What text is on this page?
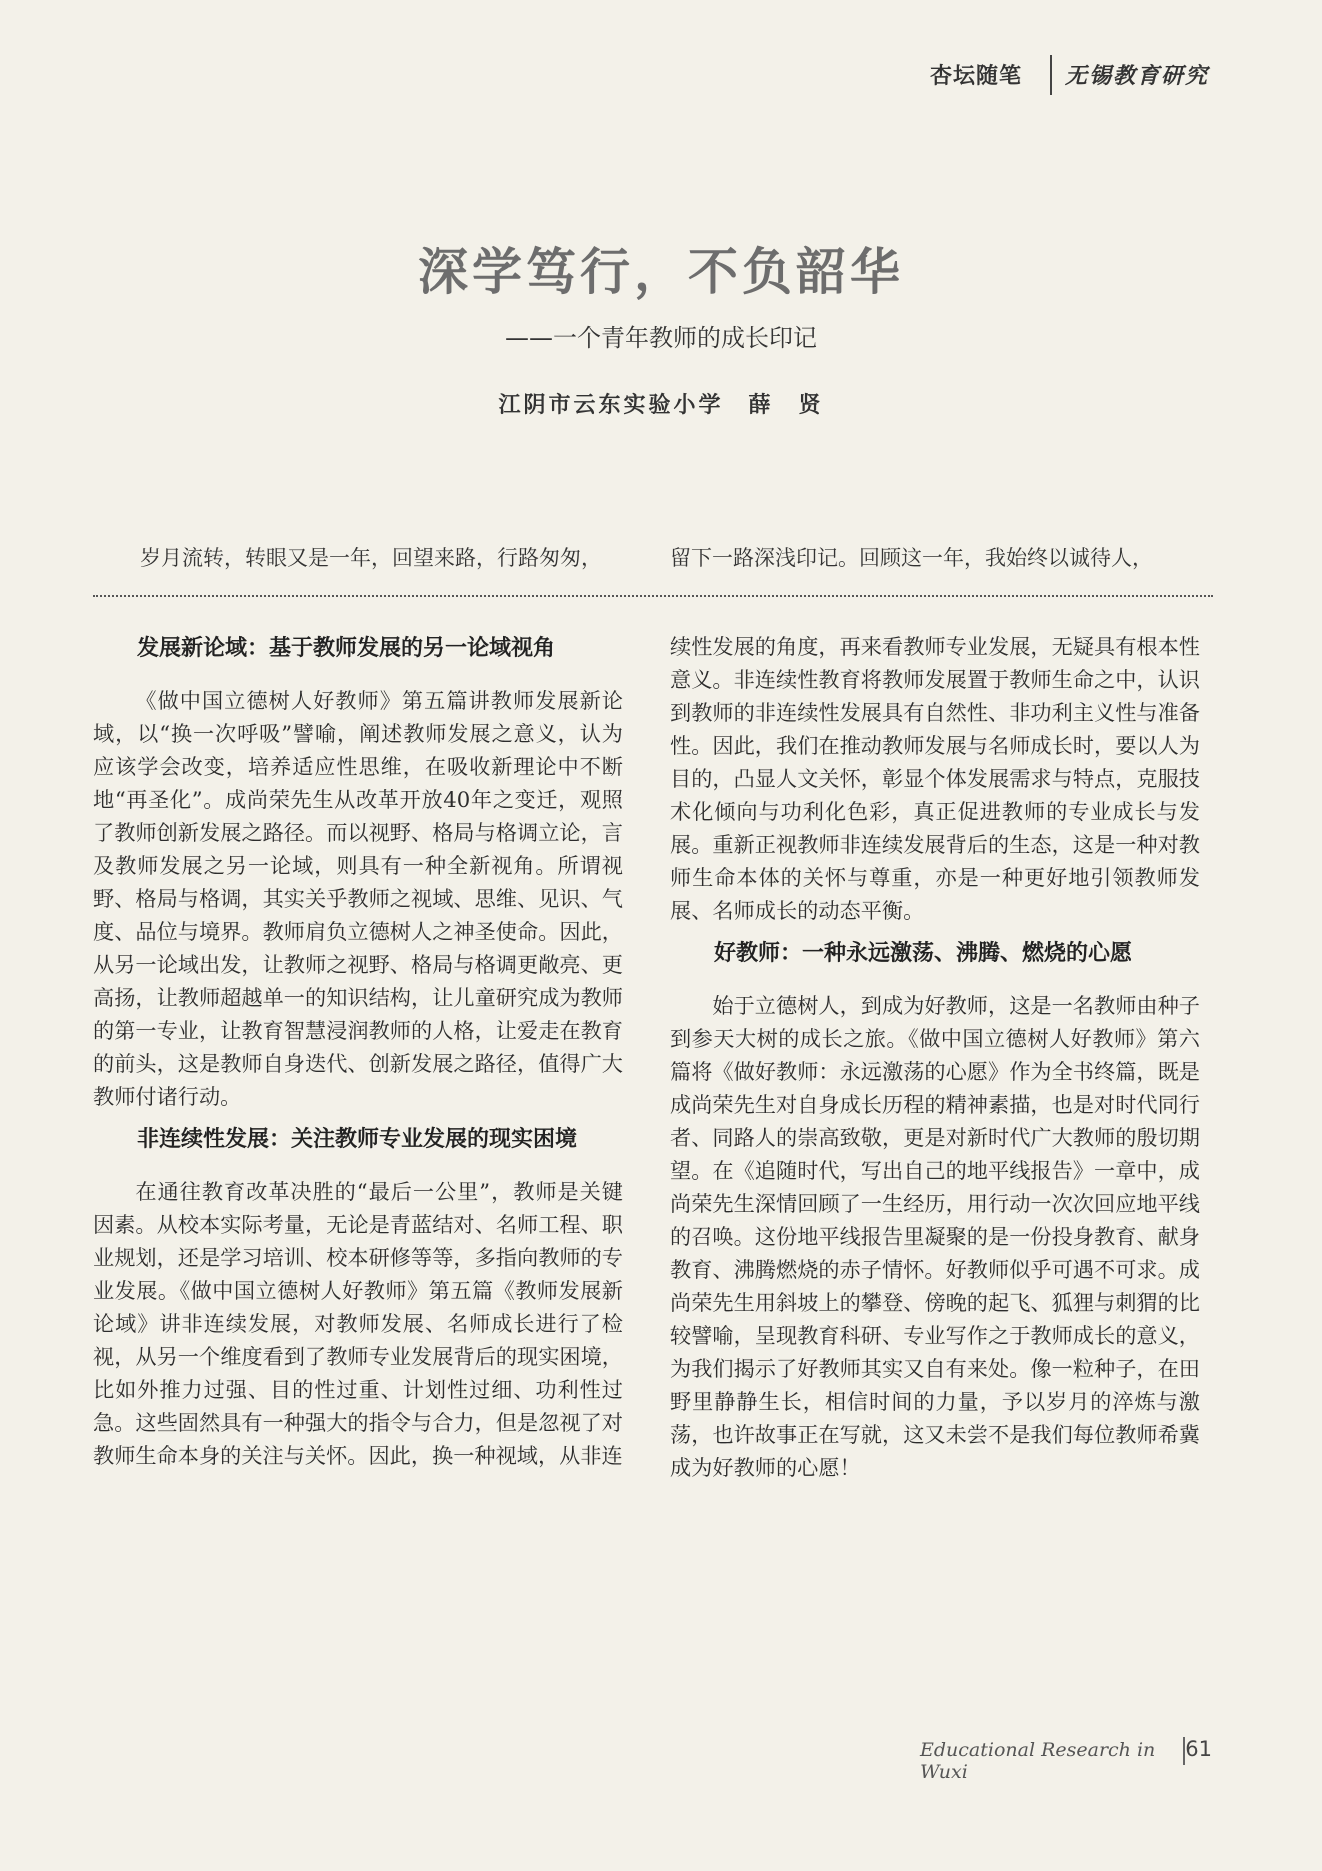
杏坛随笔 无锡教育研究
深学笃行，不负韶华
——一个青年教师的成长印记
江阴市云东实验小学　薛　贤
岁月流转，转眼又是一年，回望来路，行路匆匆，	留下一路深浅印记。回顾这一年，我始终以诚待人，
发展新论域：基于教师发展的另一论域视角

《做中国立德树人好教师》第五篇讲教师发展新论域，以“换一次呼吸”譬喻，阐述教师发展之意义，认为应该学会改变，培养适应性思维，在吸收新理论中不断地“再圣化”。成尚荣先生从改革开放40年之变迁，观照了教师创新发展之路径。而以视野、格局与格调立论，言及教师发展之另一论域，则具有一种全新视角。所谓视野、格局与格调，其实关乎教师之视域、思维、见识、气度、品位与境界。教师肩负立德树人之神圣使命。因此，从另一论域出发，让教师之视野、格局与格调更敞亮、更高扬，让教师超越单一的知识结构，让儿童研究成为教师的第一专业，让教育智慧浸润教师的人格，让爱走在教育的前头，这是教师自身迭代、创新发展之路径，值得广大教师付诸行动。

非连续性发展：关注教师专业发展的现实困境

在通往教育改革决胜的“最后一公里”，教师是关键因素。从校本实际考量，无论是青蓝结对、名师工程、职业规划，还是学习培训、校本研修等等，多指向教师的专业发展。《做中国立德树人好教师》第五篇《教师发展新论域》讲非连续发展，对教师发展、名师成长进行了检视，从另一个维度看到了教师专业发展背后的现实困境，比如外推力过强、目的性过重、计划性过细、功利性过急。这些固然具有一种强大的指令与合力，但是忽视了对教师生命本身的关注与关怀。因此，换一种视域，从非连

续性发展的角度，再来看教师专业发展，无疑具有根本性意义。非连续性教育将教师发展置于教师生命之中，认识到教师的非连续性发展具有自然性、非功利主义性与准备性。因此，我们在推动教师发展与名师成长时，要以人为目的，凸显人文关怀，彰显个体发展需求与特点，克服技术化倾向与功利化色彩，真正促进教师的专业成长与发展。重新正视教师非连续发展背后的生态，这是一种对教师生命本体的关怀与尊重，亦是一种更好地引领教师发展、名师成长的动态平衡。

好教师：一种永远激荡、沸腾、燃烧的心愿

始于立德树人，到成为好教师，这是一名教师由种子到参天大树的成长之旅。《做中国立德树人好教师》第六篇将《做好教师：永远激荡的心愿》作为全书终篇，既是成尚荣先生对自身成长历程的精神素描，也是对时代同行者、同路人的崇高致敬，更是对新时代广大教师的殷切期望。在《追随时代，写出自己的地平线报告》一章中，成尚荣先生深情回顾了一生经历，用行动一次次回应地平线的召唤。这份地平线报告里凝聚的是一份投身教育、献身教育、沸腾燃烧的赤子情怀。好教师似乎可遇不可求。成尚荣先生用斜坡上的攀登、傍晚的起飞、狐狸与刺猬的比较譬喻，呈现教育科研、专业写作之于教师成长的意义，为我们揭示了好教师其实又自有来处。像一粒种子，在田野里静静生长，相信时间的力量，予以岁月的淬炼与激荡，也许故事正在写就，这又未尝不是我们每位教师希冀成为好教师的心愿！

Educational Research in Wuxi
61
